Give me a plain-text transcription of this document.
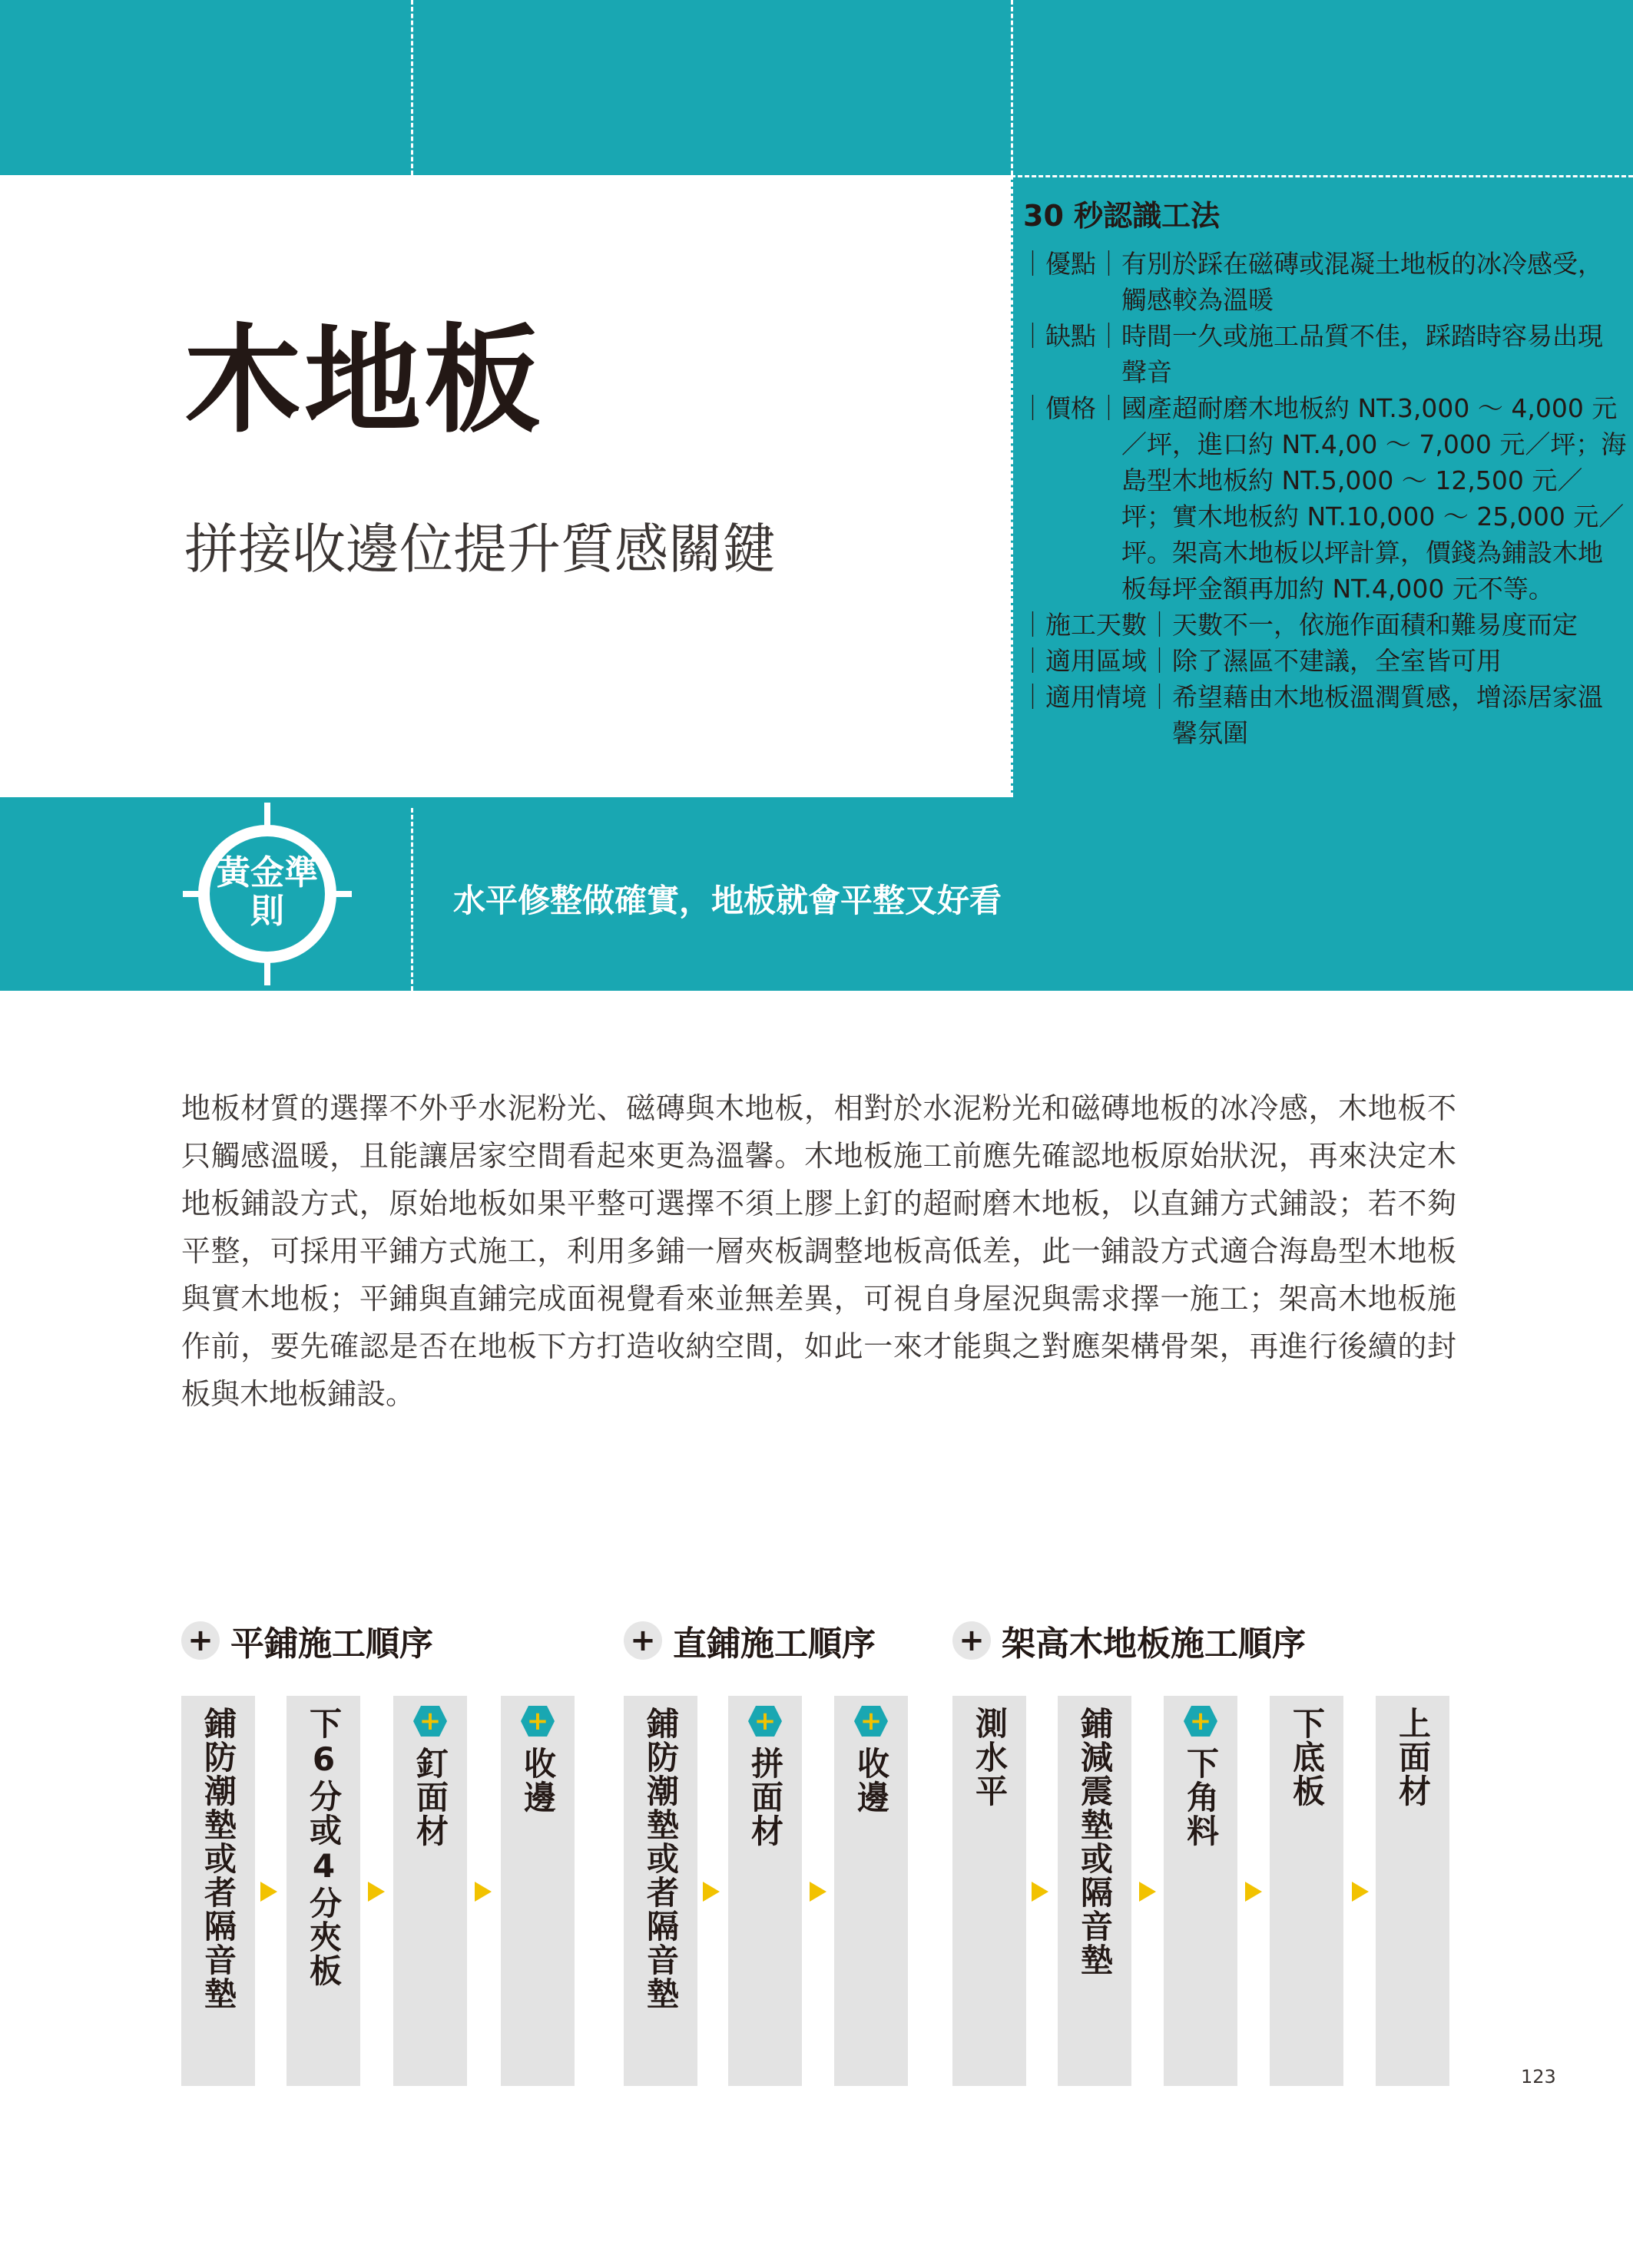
木地板
拼接收邊位提升質感關鍵
30 秒認識工法
｜優點｜ 有別於踩在磁磚或混凝土地板的冰冷感受，觸感較為溫暖
｜缺點｜ 時間一久或施工品質不佳，踩踏時容易出現聲音
｜價格｜ 國產超耐磨木地板約 NT.3,000 ～ 4,000 元／坪，進口約 NT.4,00 ～ 7,000 元／坪；海島型木地板約 NT.5,000 ～ 12,500 元／坪；實木地板約 NT.10,000 ～ 25,000 元／坪。架高木地板以坪計算，價錢為鋪設木地板每坪金額再加約 NT.4,000 元不等。
｜施工天數｜ 天數不一，依施作面積和難易度而定
｜適用區域｜ 除了濕區不建議，全室皆可用
｜適用情境｜ 希望藉由木地板溫潤質感，增添居家溫馨氛圍
黃金準則	水平修整做確實，地板就會平整又好看

地板材質的選擇不外乎水泥粉光、磁磚與木地板，相對於水泥粉光和磁磚地板的冰冷感，木地板不只觸感溫暖，且能讓居家空間看起來更為溫馨。木地板施工前應先確認地板原始狀況，再來決定木地板鋪設方式，原始地板如果平整可選擇不須上膠上釘的超耐磨木地板，以直鋪方式鋪設；若不夠平整，可採用平鋪方式施工，利用多鋪一層夾板調整地板高低差，此一鋪設方式適合海島型木地板與實木地板；平鋪與直鋪完成面視覺看來並無差異，可視自身屋況與需求擇一施工；架高木地板施作前，要先確認是否在地板下方打造收納空間，如此一來才能與之對應架構骨架，再進行後續的封板與木地板鋪設。

+ 平鋪施工順序	+ 直鋪施工順序	+ 架高木地板施工順序
鋪防潮墊或者隔音墊	下6分或4分夾板	+
釘面材
+
收邊	鋪防潮墊或者隔音墊	+
拼面材
+
收邊	測水平	鋪減震墊或隔音墊	+
下角料	下底板	上面材
123
